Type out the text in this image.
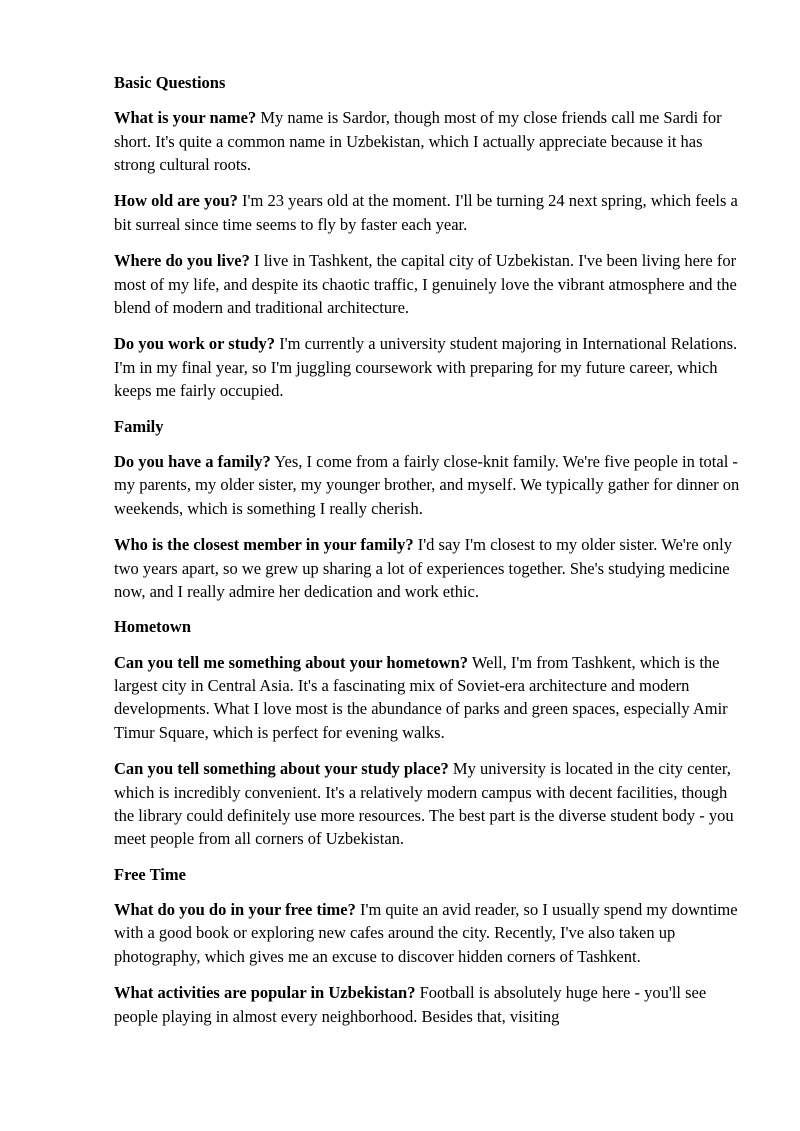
Basic Questions

What is your name? My name is Sardor, though most of my close friends call me Sardi for short. It's quite a common name in Uzbekistan, which I actually appreciate because it has strong cultural roots.

How old are you? I'm 23 years old at the moment. I'll be turning 24 next spring, which feels a bit surreal since time seems to fly by faster each year.

Where do you live? I live in Tashkent, the capital city of Uzbekistan. I've been living here for most of my life, and despite its chaotic traffic, I genuinely love the vibrant atmosphere and the blend of modern and traditional architecture.

Do you work or study? I'm currently a university student majoring in International Relations. I'm in my final year, so I'm juggling coursework with preparing for my future career, which keeps me fairly occupied.

Family

Do you have a family? Yes, I come from a fairly close-knit family. We're five people in total - my parents, my older sister, my younger brother, and myself. We typically gather for dinner on weekends, which is something I really cherish.

Who is the closest member in your family? I'd say I'm closest to my older sister. We're only two years apart, so we grew up sharing a lot of experiences together. She's studying medicine now, and I really admire her dedication and work ethic.

Hometown

Can you tell me something about your hometown? Well, I'm from Tashkent, which is the largest city in Central Asia. It's a fascinating mix of Soviet-era architecture and modern developments. What I love most is the abundance of parks and green spaces, especially Amir Timur Square, which is perfect for evening walks.

Can you tell something about your study place? My university is located in the city center, which is incredibly convenient. It's a relatively modern campus with decent facilities, though the library could definitely use more resources. The best part is the diverse student body - you meet people from all corners of Uzbekistan.

Free Time

What do you do in your free time? I'm quite an avid reader, so I usually spend my downtime with a good book or exploring new cafes around the city. Recently, I've also taken up photography, which gives me an excuse to discover hidden corners of Tashkent.

What activities are popular in Uzbekistan? Football is absolutely huge here - you'll see people playing in almost every neighborhood. Besides that, visiting
